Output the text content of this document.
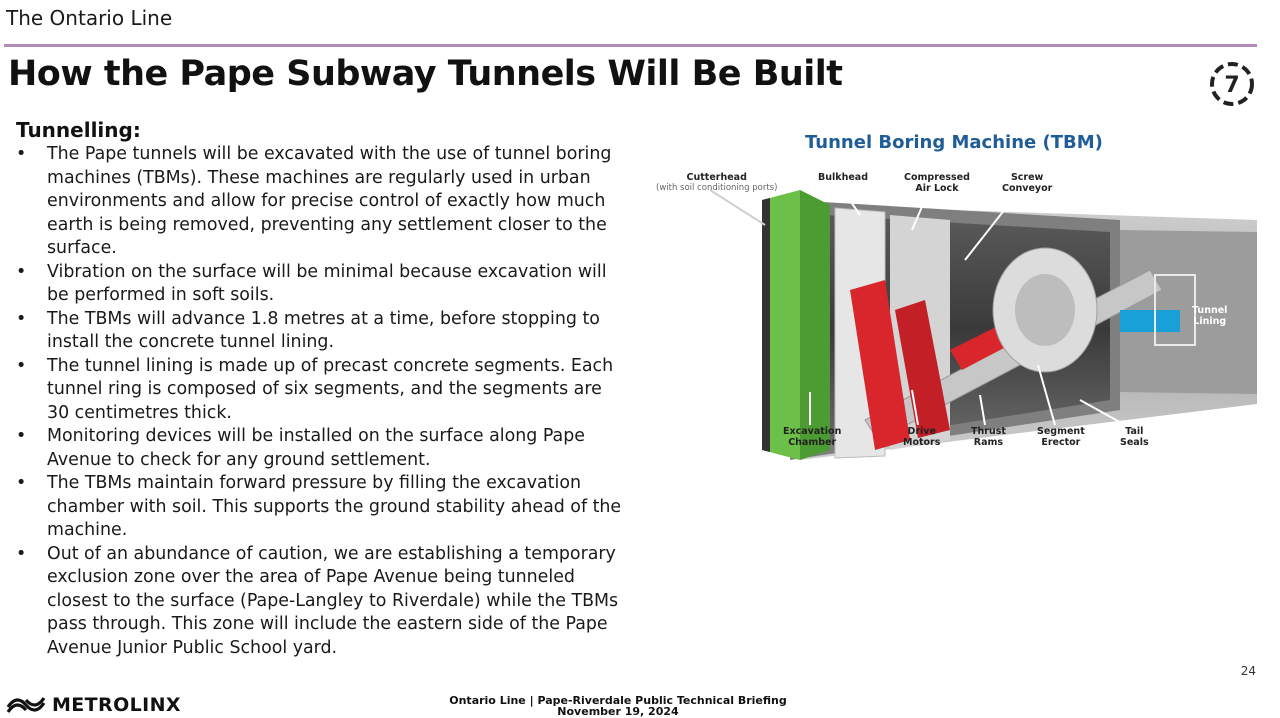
The Ontario Line
How the Pape Subway Tunnels Will Be Built	7
Tunnelling:
•	The Pape tunnels will be excavated with the use of tunnel boring machines (TBMs). These machines are regularly used in urban environments and allow for precise control of exactly how much earth is being removed, preventing any settlement closer to the surface.
•	Vibration on the surface will be minimal because excavation will be performed in soft soils.
•	The TBMs will advance 1.8 metres at a time, before stopping to install the concrete tunnel lining.
•	The tunnel lining is made up of precast concrete segments. Each tunnel ring is composed of six segments, and the segments are 30 centimetres thick.
•	Monitoring devices will be installed on the surface along Pape Avenue to check for any ground settlement.
•	The TBMs maintain forward pressure by filling the excavation chamber with soil. This supports the ground stability ahead of the machine.
•	Out of an abundance of caution, we are establishing a temporary exclusion zone over the area of Pape Avenue being tunneled closest to the surface (Pape-Langley to Riverdale) while the TBMs pass through. This zone will include the eastern side of the Pape Avenue Junior Public School yard.
Tunnel Boring Machine (TBM)
Cutterhead
(with soil conditioning ports)
Bulkhead	Compressed
Air Lock
Screw
Conveyor
Tunnel
Lining
Excavation
Chamber
Drive
Motors
Thrust
Rams
Segment
Erector
Tail
Seals
24
METROLINX	Ontario Line | Pape-Riverdale Public Technical Briefing
November 19, 2024
